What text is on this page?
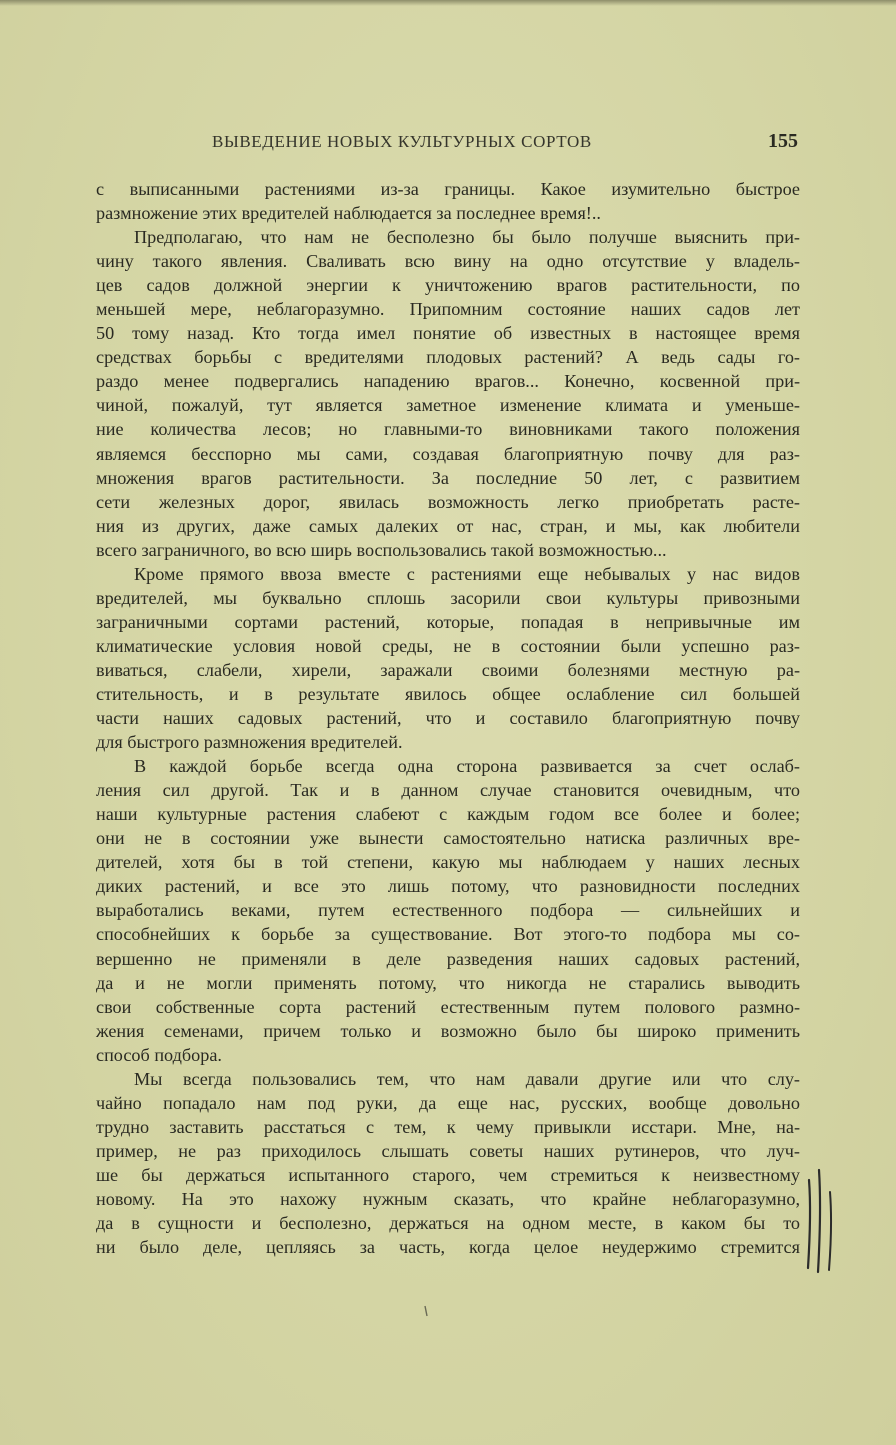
ВЫВЕДЕНИЕ НОВЫХ КУЛЬТУРНЫХ СОРТОВ	155
с выписанными растениями из-за границы. Какое изумительно быстрое
размножение этих вредителей наблюдается за последнее время!..
Предполагаю, что нам не бесполезно бы было получше выяснить при-
чину такого явления. Сваливать всю вину на одно отсутствие у владель-
цев садов должной энергии к уничтожению врагов растительности, по
меньшей мере, неблагоразумно. Припомним состояние наших садов лет
50 тому назад. Кто тогда имел понятие об известных в настоящее время
средствах борьбы с вредителями плодовых растений? А ведь сады го-
раздо менее подвергались нападению врагов... Конечно, косвенной при-
чиной, пожалуй, тут является заметное изменение климата и уменьше-
ние количества лесов; но главными-то виновниками такого положения
являемся бесспорно мы сами, создавая благоприятную почву для раз-
множения врагов растительности. За последние 50 лет, с развитием
сети железных дорог, явилась возможность легко приобретать расте-
ния из других, даже самых далеких от нас, стран, и мы, как любители
всего заграничного, во всю ширь воспользовались такой возможностью...
Кроме прямого ввоза вместе с растениями еще небывалых у нас видов
вредителей, мы буквально сплошь засорили свои культуры привозными
заграничными сортами растений, которые, попадая в непривычные им
климатические условия новой среды, не в состоянии были успешно раз-
виваться, слабели, хирели, заражали своими болезнями местную ра-
стительность, и в результате явилось общее ослабление сил большей
части наших садовых растений, что и составило благоприятную почву
для быстрого размножения вредителей.
В каждой борьбе всегда одна сторона развивается за счет ослаб-
ления сил другой. Так и в данном случае становится очевидным, что
наши культурные растения слабеют с каждым годом все более и более;
они не в состоянии уже вынести самостоятельно натиска различных вре-
дителей, хотя бы в той степени, какую мы наблюдаем у наших лесных
диких растений, и все это лишь потому, что разновидности последних
выработались веками, путем естественного подбора — сильнейших и
способнейших к борьбе за существование. Вот этого-то подбора мы со-
вершенно не применяли в деле разведения наших садовых растений,
да и не могли применять потому, что никогда не старались выводить
свои собственные сорта растений естественным путем полового размно-
жения семенами, причем только и возможно было бы широко применить
способ подбора.
Мы всегда пользовались тем, что нам давали другие или что слу-
чайно попадало нам под руки, да еще нас, русских, вообще довольно
трудно заставить расстаться с тем, к чему привыкли исстари. Мне, на-
пример, не раз приходилось слышать советы наших рутинеров, что луч-
ше бы держаться испытанного старого, чем стремиться к неизвестному
новому. На это нахожу нужным сказать, что крайне неблагоразумно,
да в сущности и бесполезно, держаться на одном месте, в каком бы то
ни было деле, цепляясь за часть, когда целое неудержимо стремится
